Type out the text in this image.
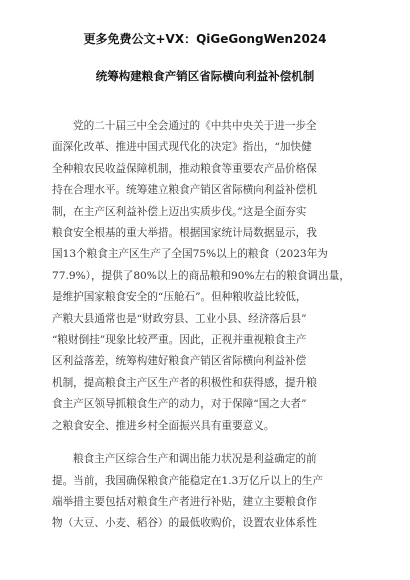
更多免费公文+VX：QiGeGongWen2024
统筹构建粮食产销区省际横向利益补偿机制
党的二十届三中全会通过的《中共中央关于进一步全
面深化改革、推进中国式现代化的决定》指出，“加快健
全种粮农民收益保障机制，推动粮食等重要农产品价格保
持在合理水平。统筹建立粮食产销区省际横向利益补偿机
制，在主产区利益补偿上迈出实质步伐。”这是全面夯实
粮食安全根基的重大举措。根据国家统计局数据显示，我
国13个粮食主产区生产了全国75%以上的粮食（2023年为
77.9%），提供了80%以上的商品粮和90%左右的粮食调出量，
是维护国家粮食安全的“压舱石”。但种粮收益比较低，
产粮大县通常也是“财政穷县、工业小县、经济落后县”
“粮财倒挂”现象比较严重。因此，正视并重视粮食主产
区利益落差，统筹构建好粮食产销区省际横向利益补偿
机制，提高粮食主产区生产者的积极性和获得感，提升粮
食主产区领导抓粮食生产的动力，对于保障“国之大者”
之粮食安全、推进乡村全面振兴具有重要意义。
粮食主产区综合生产和调出能力状况是利益确定的前
提。当前，我国确保粮食产能稳定在1.3万亿斤以上的生产
端举措主要包括对粮食生产者进行补贴，建立主要粮食作
物（大豆、小麦、稻谷）的最低收购价，设置农业体系性
